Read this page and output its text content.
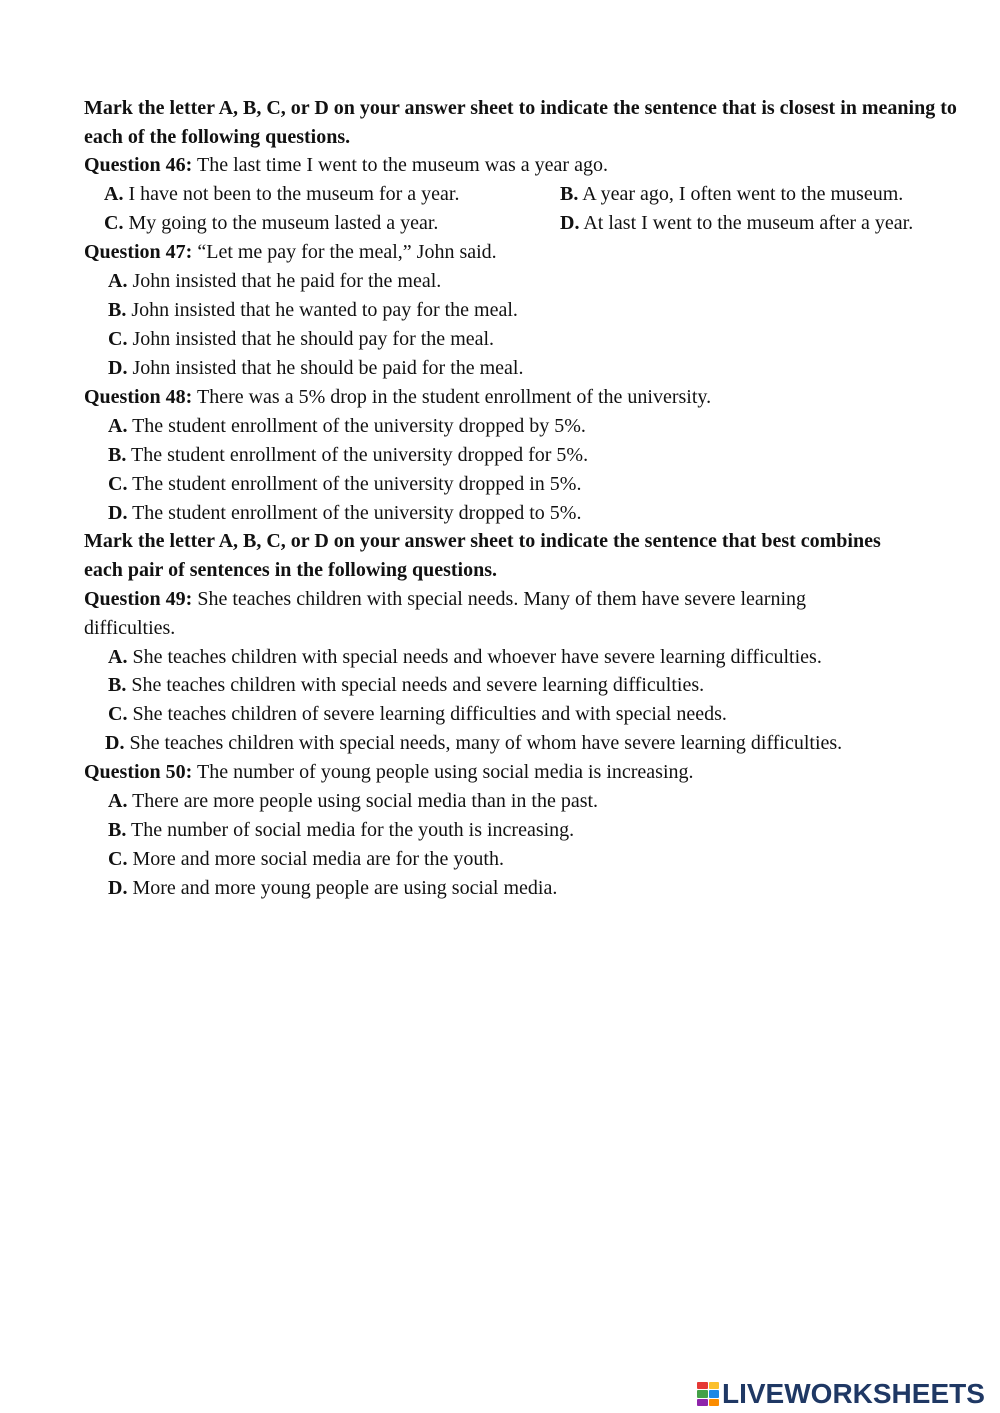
Mark the letter A, B, C, or D on your answer sheet to indicate the sentence that is closest in meaning to each of the following questions.

Question 46: The last time I went to the museum was a year ago.
A. I have not been to the museum for a year.	B. A year ago, I often went to the museum.
C. My going to the museum lasted a year.	D. At last I went to the museum after a year.
Question 47: “Let me pay for the meal,” John said.
A. John insisted that he paid for the meal.
B. John insisted that he wanted to pay for the meal.
C. John insisted that he should pay for the meal.
D. John insisted that he should be paid for the meal.
Question 48: There was a 5% drop in the student enrollment of the university.
A. The student enrollment of the university dropped by 5%.
B. The student enrollment of the university dropped for 5%.
C. The student enrollment of the university dropped in 5%.
D. The student enrollment of the university dropped to 5%.

Mark the letter A, B, C, or D on your answer sheet to indicate the sentence that best combines each pair of sentences in the following questions.

Question 49: She teaches children with special needs. Many of them have severe learning difficulties.
A. She teaches children with special needs and whoever have severe learning difficulties.
B. She teaches children with special needs and severe learning difficulties.
C. She teaches children of severe learning difficulties and with special needs.
D. She teaches children with special needs, many of whom have severe learning difficulties.
Question 50: The number of young people using social media is increasing.
A. There are more people using social media than in the past.
B. The number of social media for the youth is increasing.
C. More and more social media are for the youth.
D. More and more young people are using social media.
LIVEWORKSHEETS
